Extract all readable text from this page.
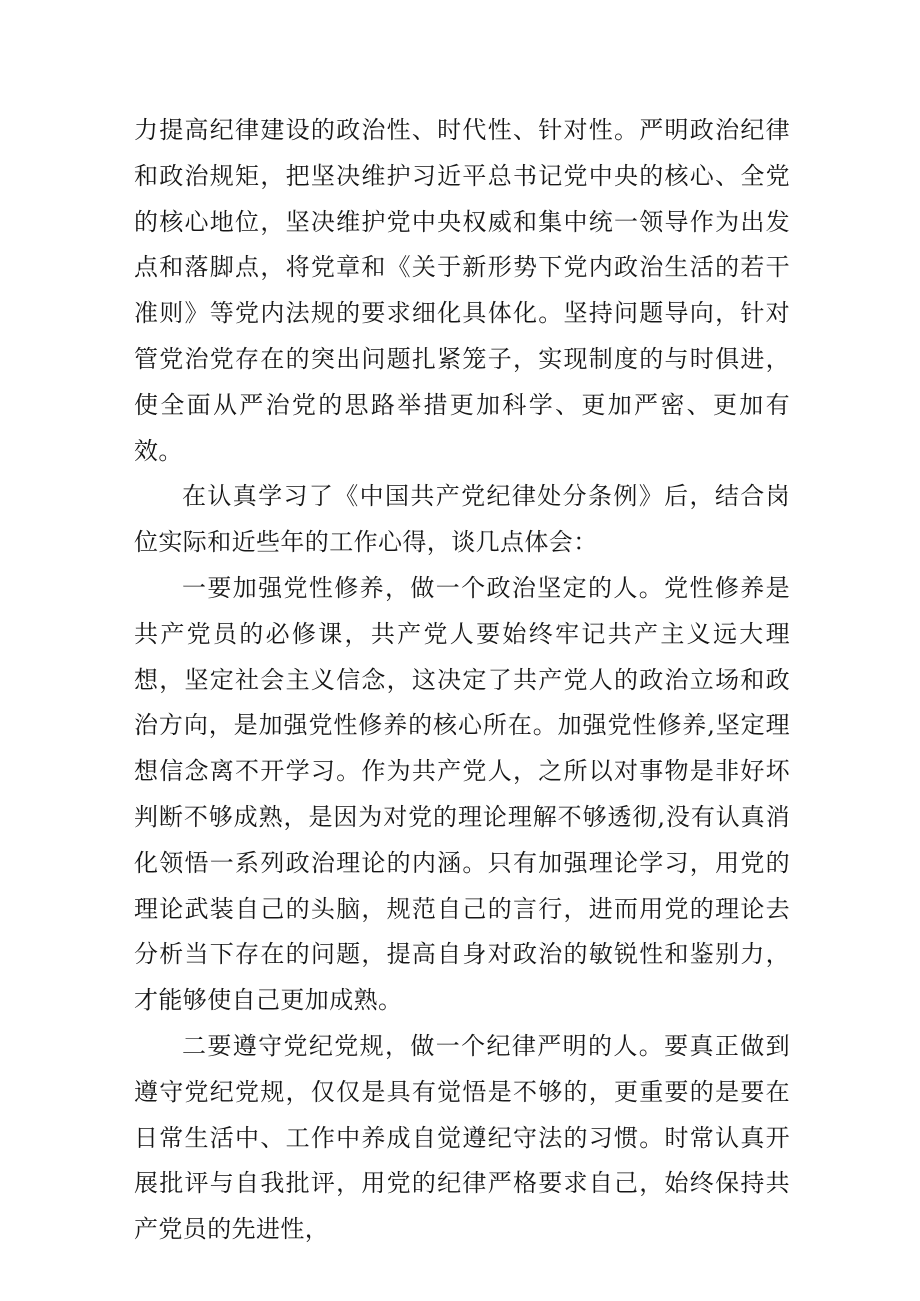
力提高纪律建设的政治性、时代性、针对性。严明政治纪律和政治规矩，把坚决维护习近平总书记党中央的核心、全党的核心地位，坚决维护党中央权威和集中统一领导作为出发点和落脚点，将党章和《关于新形势下党内政治生活的若干准则》等党内法规的要求细化具体化。坚持问题导向，针对管党治党存在的突出问题扎紧笼子，实现制度的与时俱进，使全面从严治党的思路举措更加科学、更加严密、更加有效。

在认真学习了《中国共产党纪律处分条例》后，结合岗位实际和近些年的工作心得，谈几点体会：

一要加强党性修养，做一个政治坚定的人。党性修养是共产党员的必修课，共产党人要始终牢记共产主义远大理想，坚定社会主义信念，这决定了共产党人的政治立场和政治方向，是加强党性修养的核心所在。加强党性修养,坚定理想信念离不开学习。作为共产党人，之所以对事物是非好坏判断不够成熟，是因为对党的理论理解不够透彻,没有认真消化领悟一系列政治理论的内涵。只有加强理论学习，用党的理论武装自己的头脑，规范自己的言行，进而用党的理论去分析当下存在的问题，提高自身对政治的敏锐性和鉴别力，才能够使自己更加成熟。

二要遵守党纪党规，做一个纪律严明的人。要真正做到遵守党纪党规，仅仅是具有觉悟是不够的，更重要的是要在日常生活中、工作中养成自觉遵纪守法的习惯。时常认真开展批评与自我批评，用党的纪律严格要求自己，始终保持共产党员的先进性，
